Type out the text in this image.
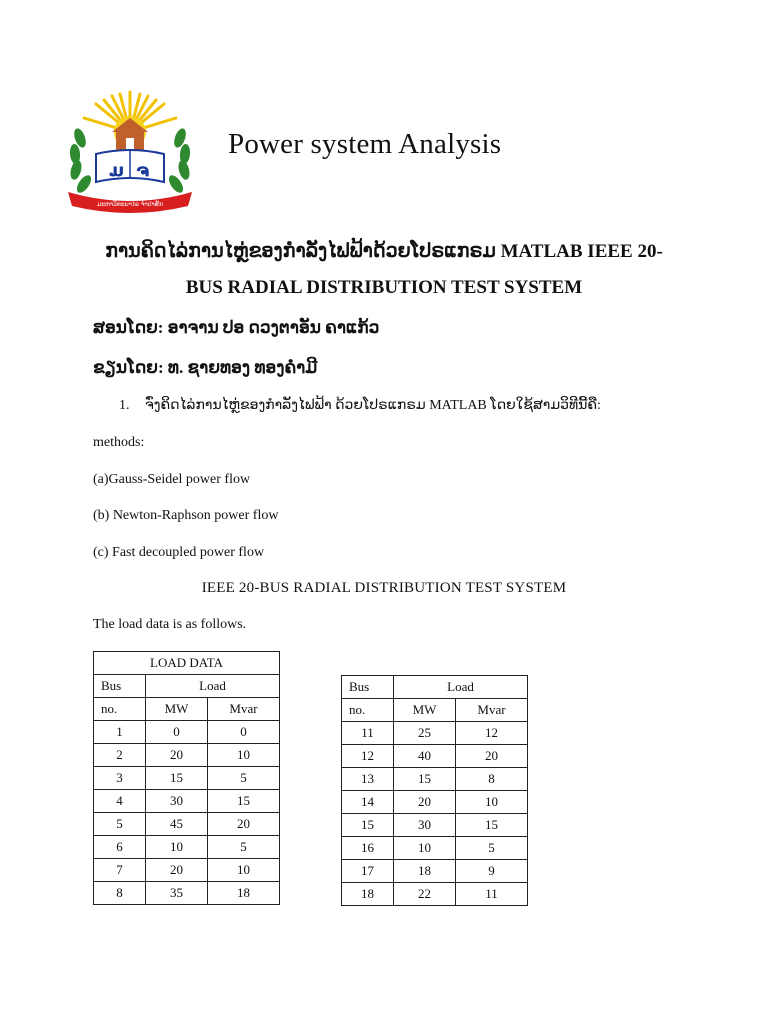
ມ ຈ
ມະຫາວິທະຍາໄລ ຈຳປາສັກ
Power system Analysis
ການຄິດໄລ່ການໄຫຼ່ຂອງກຳລັງໄຟຟ້າດ້ວຍໂປຣແກຣມ MATLAB IEEE 20-
BUS RADIAL DISTRIBUTION TEST SYSTEM
ສອນໂດຍ: ອາຈານ ປອ ດວງຕາອັນ ຄາແກ້ວ
ຂຽນໂດຍ: ທ. ຊາຍທອງ ທອງຄຳມີ
1. ຈົ່ງຄິດໄລ່ການໄຫຼ່ຂອງກຳລັງໄຟຟ້າ ດ້ວຍໂປຣແກຣມ MATLAB ໂດຍໃຊ້ສາມວິທີນີ້ຄື:
methods:
(a)Gauss-Seidel power flow
(b) Newton-Raphson power flow
(c) Fast decoupled power flow
IEEE 20-BUS RADIAL DISTRIBUTION TEST SYSTEM
The load data is as follows.
LOAD DATA		
Bus	Load	
no.	MW	Mvar
1	0	0
2	20	10
3	15	5
4	30	15
5	45	20
6	10	5
7	20	10
8	35	18
Bus	Load	
no.	MW	Mvar
11	25	12
12	40	20
13	15	8
14	20	10
15	30	15
16	10	5
17	18	9
18	22	11
